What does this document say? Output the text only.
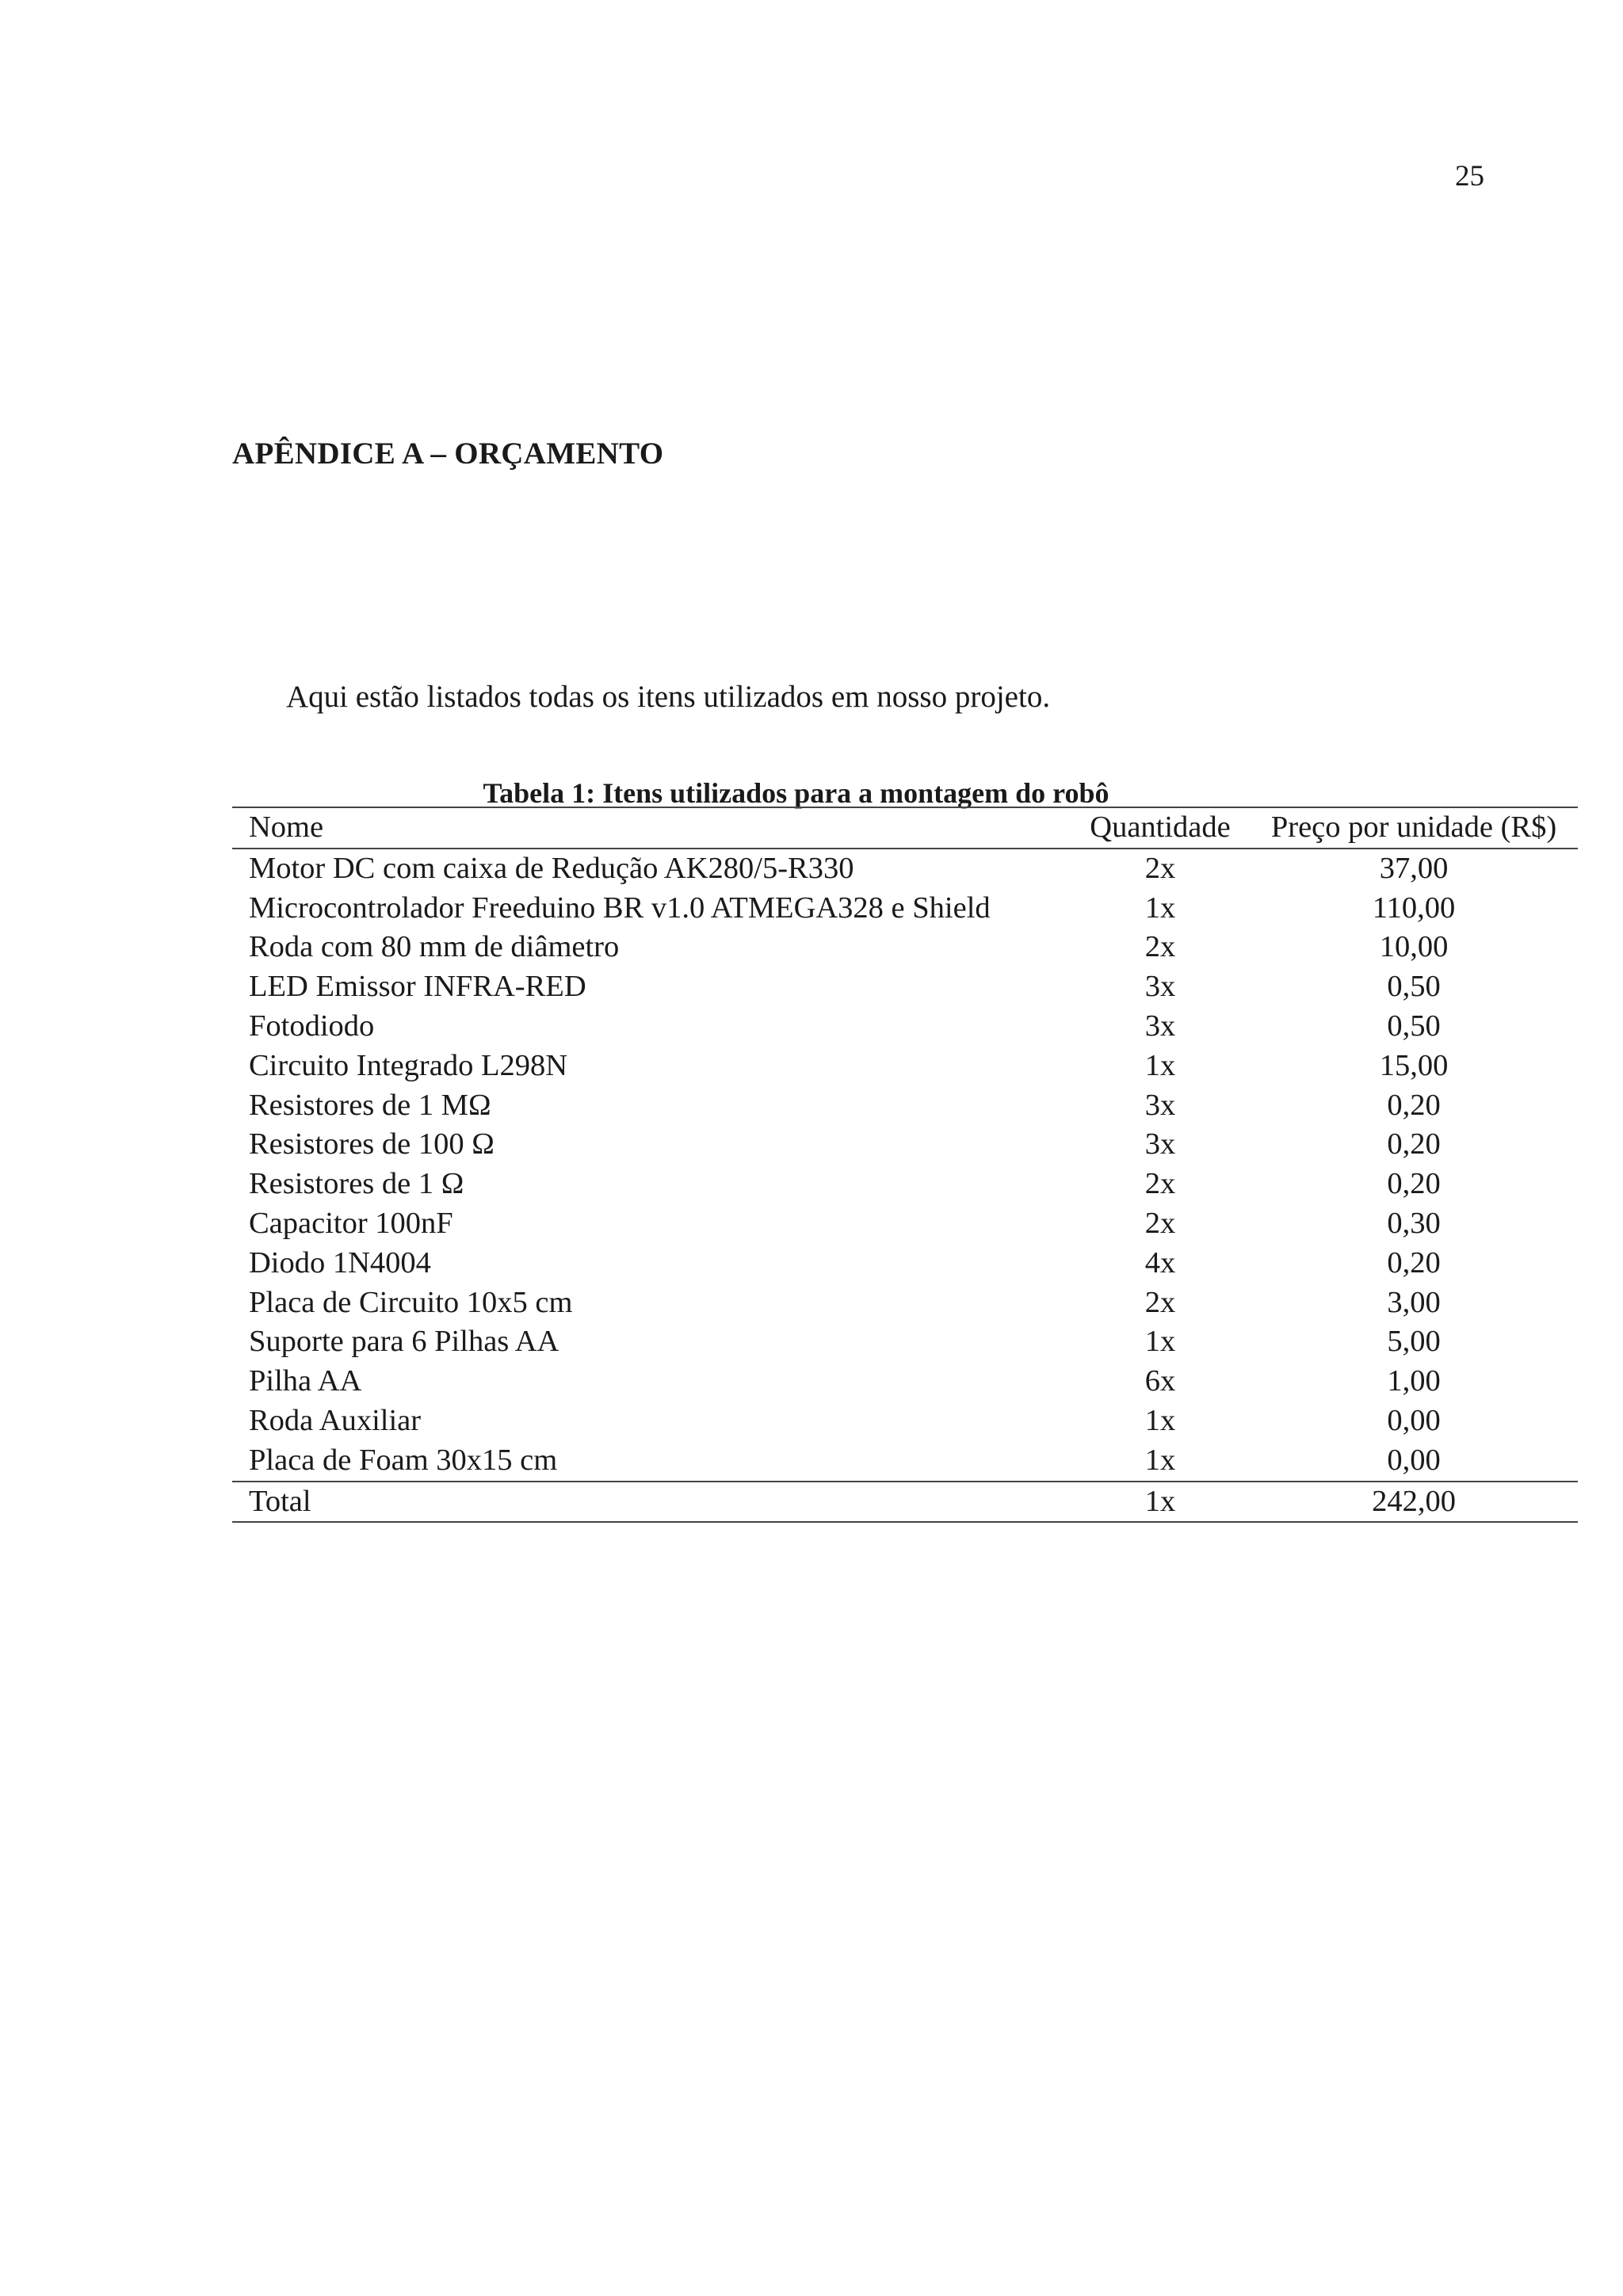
25
APÊNDICE A – ORÇAMENTO

Aqui estão listados todas os itens utilizados em nosso projeto.

Tabela 1: Itens utilizados para a montagem do robô
Nome	Quantidade	Preço por unidade (R$)
Motor DC com caixa de Redução AK280/5-R330	2x	37,00
Microcontrolador Freeduino BR v1.0 ATMEGA328 e Shield	1x	110,00
Roda com 80 mm de diâmetro	2x	10,00
LED Emissor INFRA-RED	3x	0,50
Fotodiodo	3x	0,50
Circuito Integrado L298N	1x	15,00
Resistores de 1 MΩ	3x	0,20
Resistores de 100 Ω	3x	0,20
Resistores de 1 Ω	2x	0,20
Capacitor 100nF	2x	0,30
Diodo 1N4004	4x	0,20
Placa de Circuito 10x5 cm	2x	3,00
Suporte para 6 Pilhas AA	1x	5,00
Pilha AA	6x	1,00
Roda Auxiliar	1x	0,00
Placa de Foam 30x15 cm	1x	0,00
Total	1x	242,00
